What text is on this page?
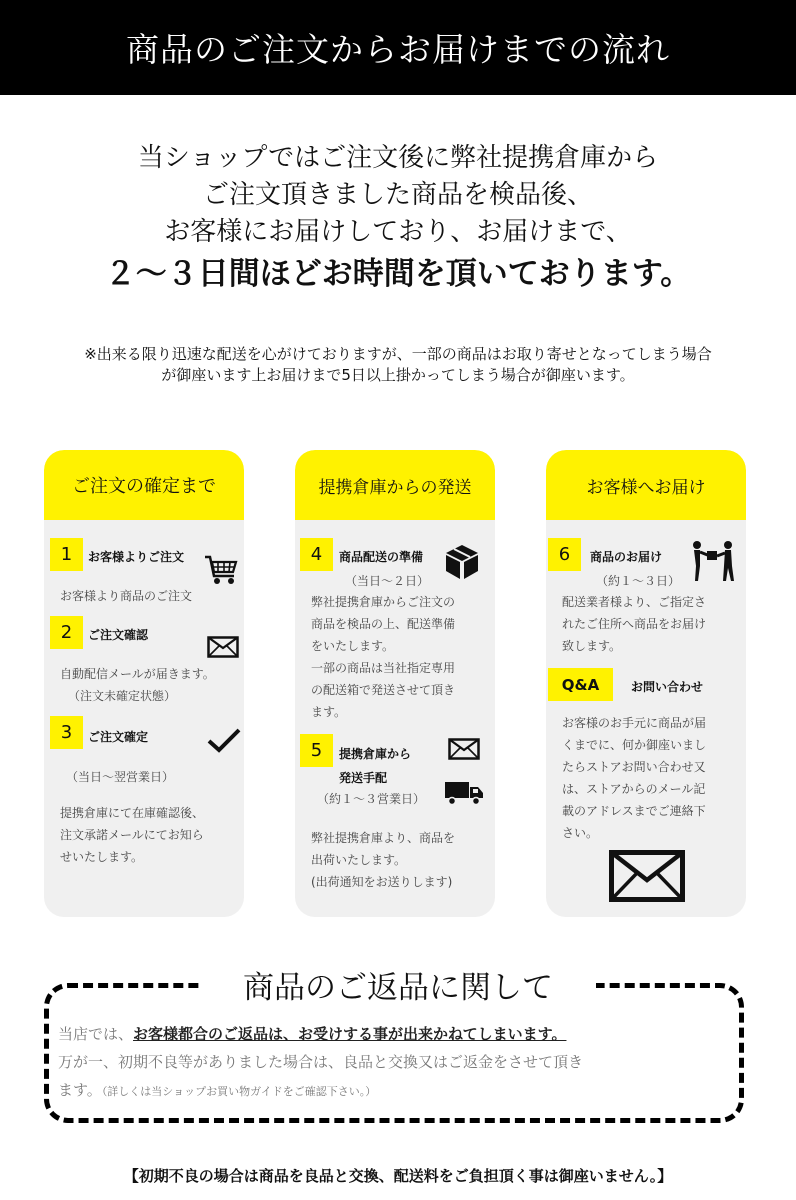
商品のご注文からお届けまでの流れ
当ショップではご注文後に弊社提携倉庫から
ご注文頂きました商品を検品後、
お客様にお届けしており、お届けまで、
２～３日間ほどお時間を頂いております。
※出来る限り迅速な配送を心がけておりますが、一部の商品はお取り寄せとなってしまう場合
が御座います上お届けまで5日以上掛かってしまう場合が御座います。
ご注文の確定まで
1	お客様よりご注文
お客様より商品のご注文
2	ご注文確認
自動配信メールが届きます。
（注文未確定状態）
3	ご注文確定
（当日～翌営業日）
提携倉庫にて在庫確認後、
注文承諾メールにてお知ら
せいたします。
提携倉庫からの発送
4	商品配送の準備
（当日～２日）
弊社提携倉庫からご注文の
商品を検品の上、配送準備
をいたします。
一部の商品は当社指定専用
の配送箱で発送させて頂き
ます。
5	提携倉庫から
発送手配
（約１～３営業日）
弊社提携倉庫より、商品を
出荷いたします。
(出荷通知をお送りします)
お客様へお届け
6	商品のお届け
（約１～３日）
配送業者様より、ご指定さ
れたご住所へ商品をお届け
致します。
Q&A	お問い合わせ
お客様のお手元に商品が届
くまでに、何か御座いまし
たらストアお問い合わせ又
は、ストアからのメール記
載のアドレスまでご連絡下
さい。
商品のご返品に関して
当店では、お客様都合のご返品は、お受けする事が出来かねてしまいます。
万が一、初期不良等がありました場合は、良品と交換又はご返金をさせて頂き
ます。（詳しくは当ショップお買い物ガイドをご確認下さい。）
【初期不良の場合は商品を良品と交換、配送料をご負担頂く事は御座いません。】
